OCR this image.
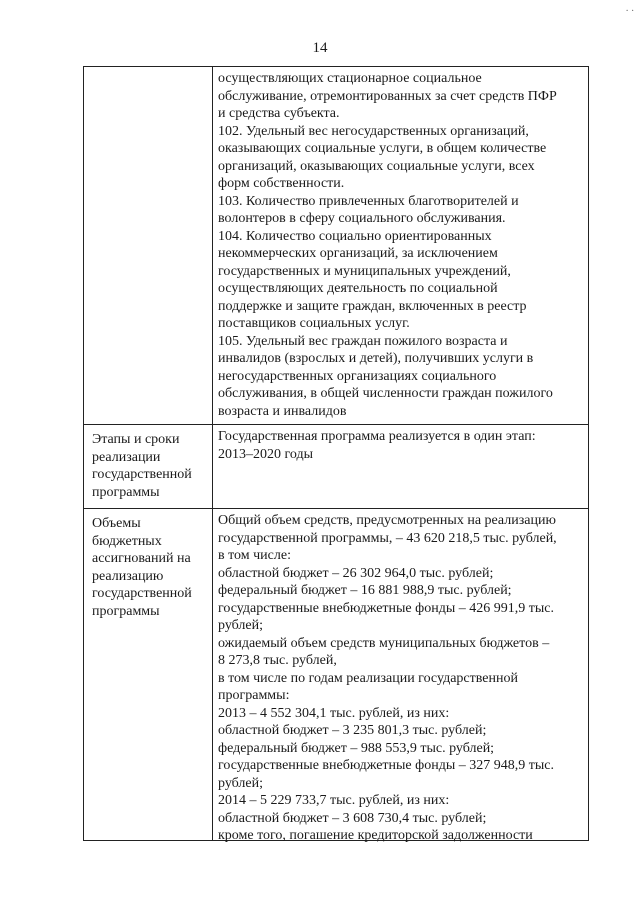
. .
14
осуществляющих стационарное социальное
обслуживание, отремонтированных за счет средств ПФР
и средства субъекта.
102. Удельный вес негосударственных организаций,
оказывающих социальные услуги, в общем количестве
организаций, оказывающих социальные услуги, всех
форм собственности.
103. Количество привлеченных благотворителей и
волонтеров в сферу социального обслуживания.
104. Количество социально ориентированных
некоммерческих организаций, за исключением
государственных и муниципальных учреждений,
осуществляющих деятельность по социальной
поддержке и защите граждан, включенных в реестр
поставщиков социальных услуг.
105. Удельный вес граждан пожилого возраста и
инвалидов (взрослых и детей), получивших услуги в
негосударственных организациях социального
обслуживания, в общей численности граждан пожилого
возраста и инвалидов
Этапы и сроки
реализации
государственной
программы
Государственная программа реализуется в один этап:
2013–2020 годы
Объемы
бюджетных
ассигнований на
реализацию
государственной
программы
Общий объем средств, предусмотренных на реализацию
государственной программы, – 43 620 218,5 тыс. рублей,
в том числе:
областной бюджет – 26 302 964,0 тыс. рублей;
федеральный бюджет – 16 881 988,9 тыс. рублей;
государственные внебюджетные фонды – 426 991,9 тыс.
рублей;
ожидаемый объем средств муниципальных бюджетов –
8 273,8 тыс. рублей,
в том числе по годам реализации государственной
программы:
2013 – 4 552 304,1 тыс. рублей, из них:
областной бюджет – 3 235 801,3 тыс. рублей;
федеральный бюджет – 988 553,9 тыс. рублей;
государственные внебюджетные фонды – 327 948,9 тыс.
рублей;
2014 – 5 229 733,7 тыс. рублей, из них:
областной бюджет – 3 608 730,4 тыс. рублей;
кроме того, погашение кредиторской задолженности
